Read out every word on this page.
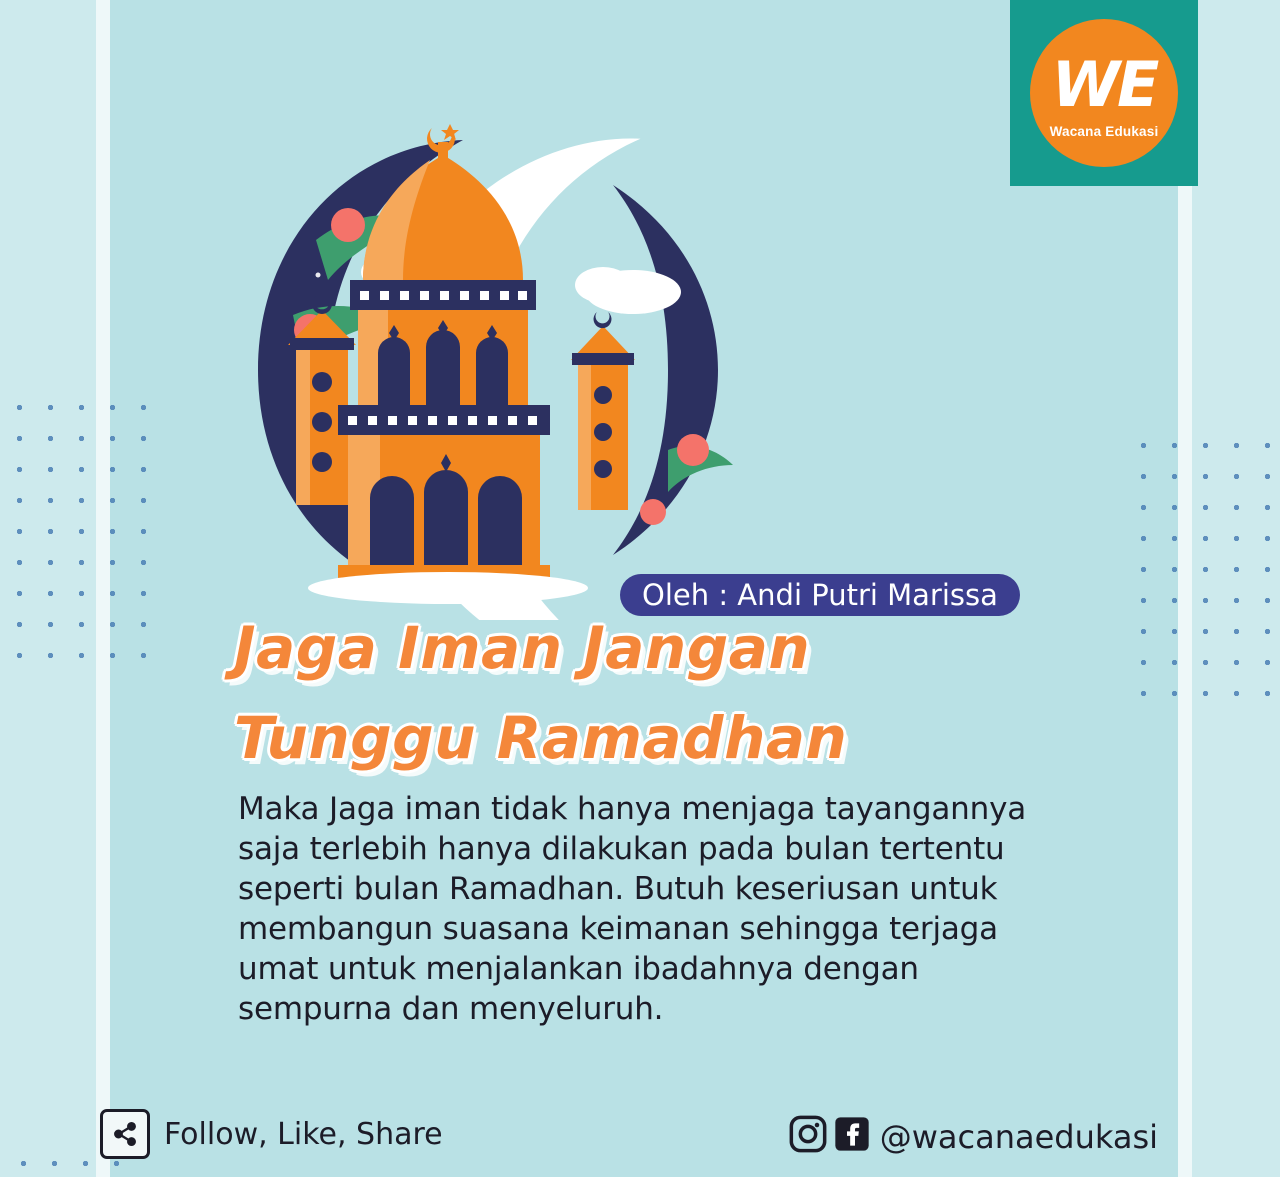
WE
Wacana Edukasi
Oleh : Andi Putri Marissa
Jaga Iman Jangan
Tunggu Ramadhan
Maka Jaga iman tidak hanya menjaga tayangannya saja terlebih hanya dilakukan pada bulan tertentu seperti bulan Ramadhan. Butuh keseriusan untuk membangun suasana keimanan sehingga terjaga umat untuk menjalankan ibadahnya dengan sempurna dan menyeluruh.
Follow, Like, Share	@wacanaedukasi
